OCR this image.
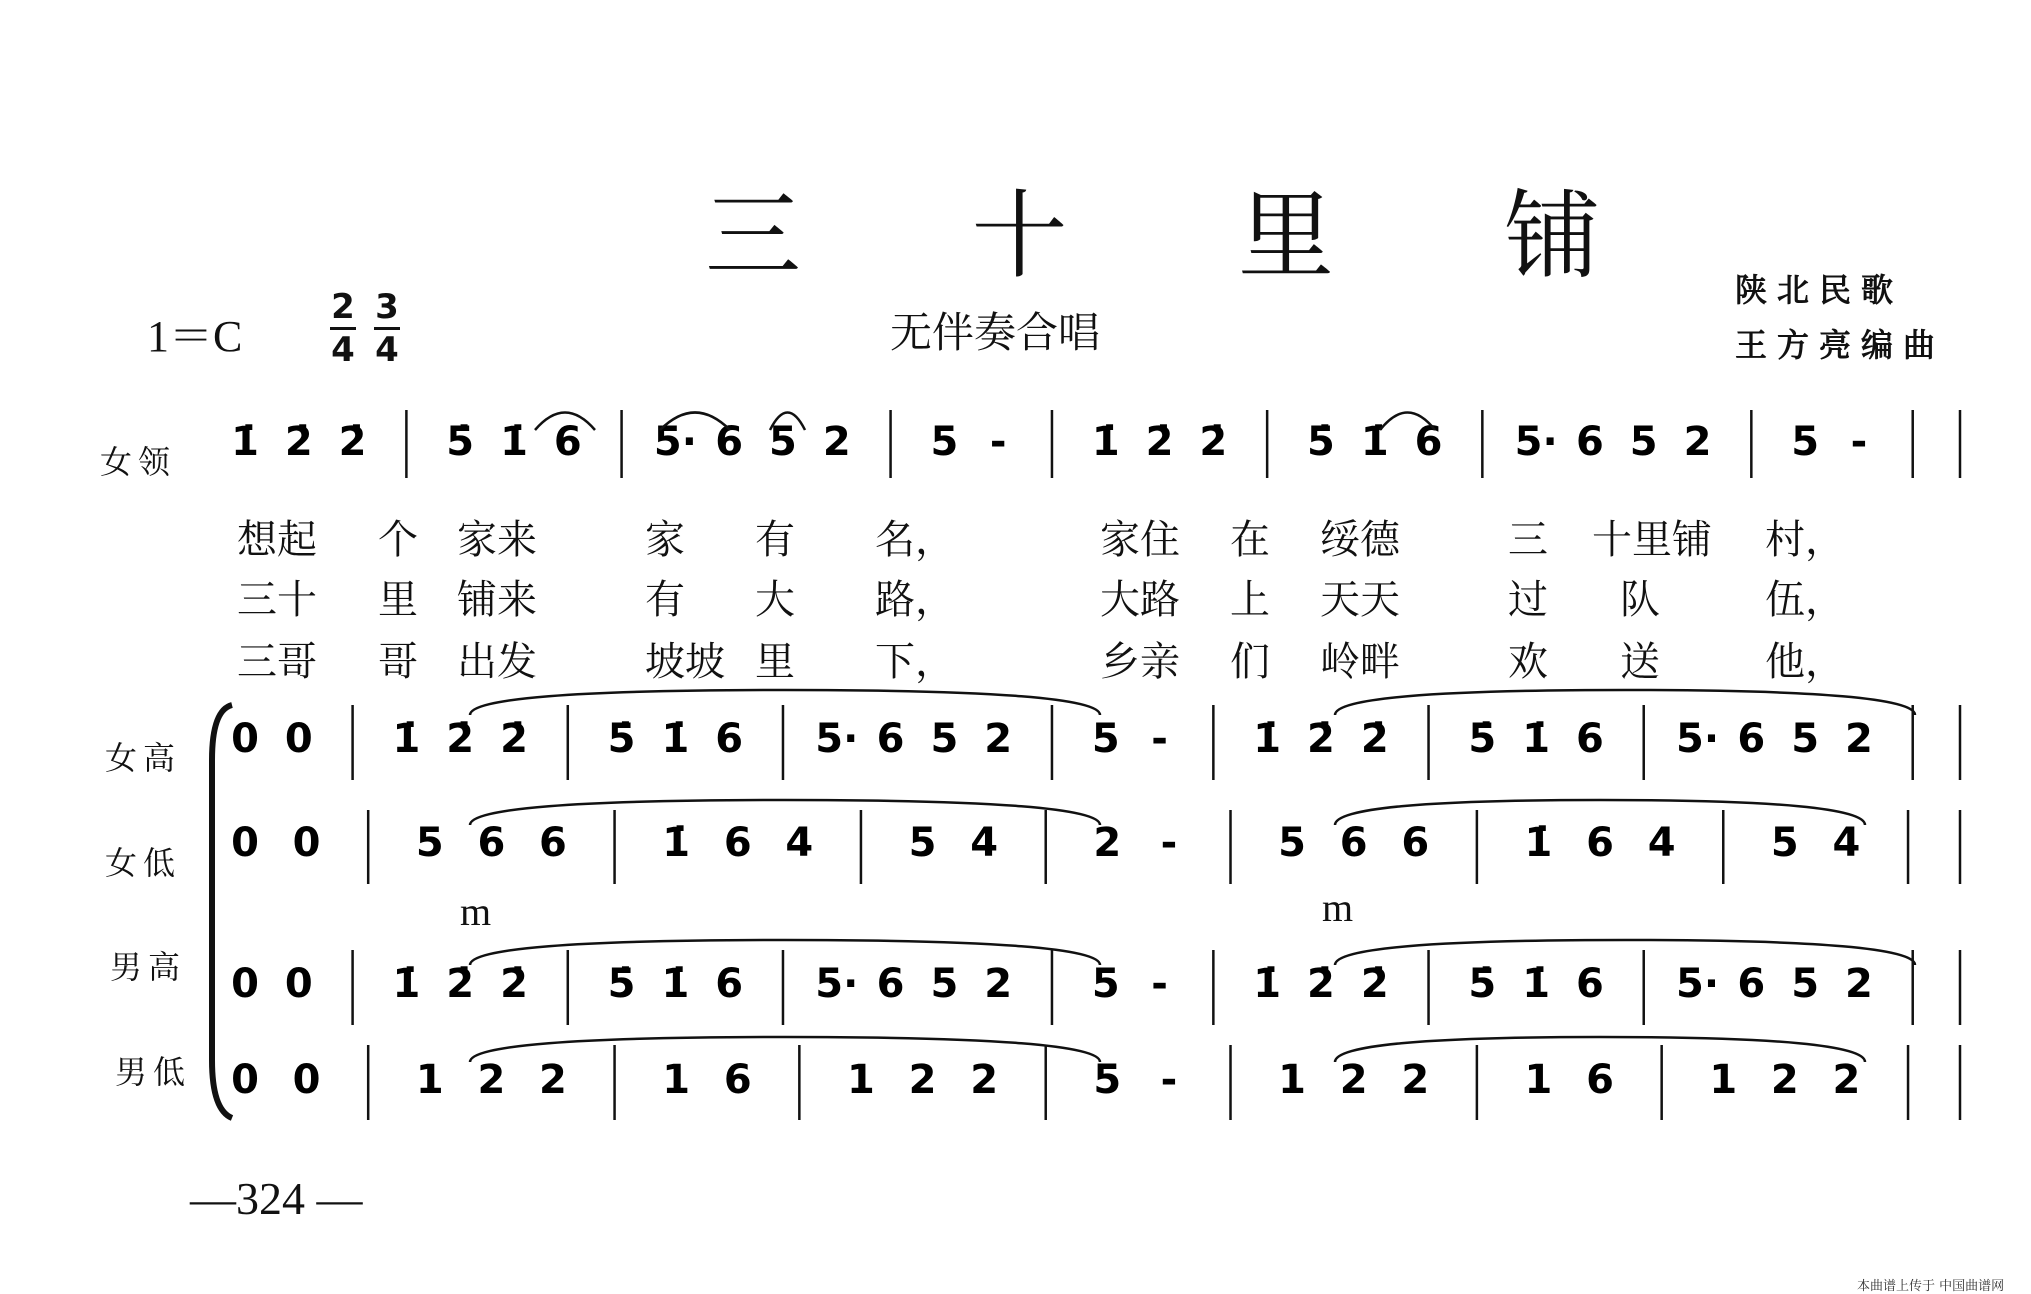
三 十 里 铺
1＝C
2
4
3
4	无伴奏合唱
陕北民歌
王方亮编曲
女领
女高
女低
男高
男低
想起 个 家来	家 有 名，	家住 在 绥德	三 十里铺 村，
三十 里 铺来	有 大 路，	大路 上 天天	过 队	伍，
三哥 哥 出发	坡坡 里 下，	乡亲 们 岭畔	欢 送	他，
m	m
1̇ 2̇ 2̇ 5̇ 1̇ 6 5· 6 5 2 5 - 1̇ 2̇ 2̇ 5̇ 1̇ 6 5· 6 5 2 5 -
0 0 1̇ 2̇ 2̇ 5̇ 1̇ 6 5· 6 5 2 5 - 1̇ 2̇ 2̇ 5̇ 1̇ 6 5· 6 5 2
0 0 5 6 6 1̇ 6 4 5 4 2 -	5 6 6 1̇ 6 4 5 4
0 0 1̇ 2̇ 2̇ 5̇ 1̇ 6 5· 6 5 2 5 - 1̇ 2̇ 2̇ 5̇ 1̇ 6 5· 6 5 2
0 0 1 2 2 1 6 1 2 2 5 -	1 2 2 1 6 1 2 2
—324 —
本曲谱上传于 中国曲谱网
